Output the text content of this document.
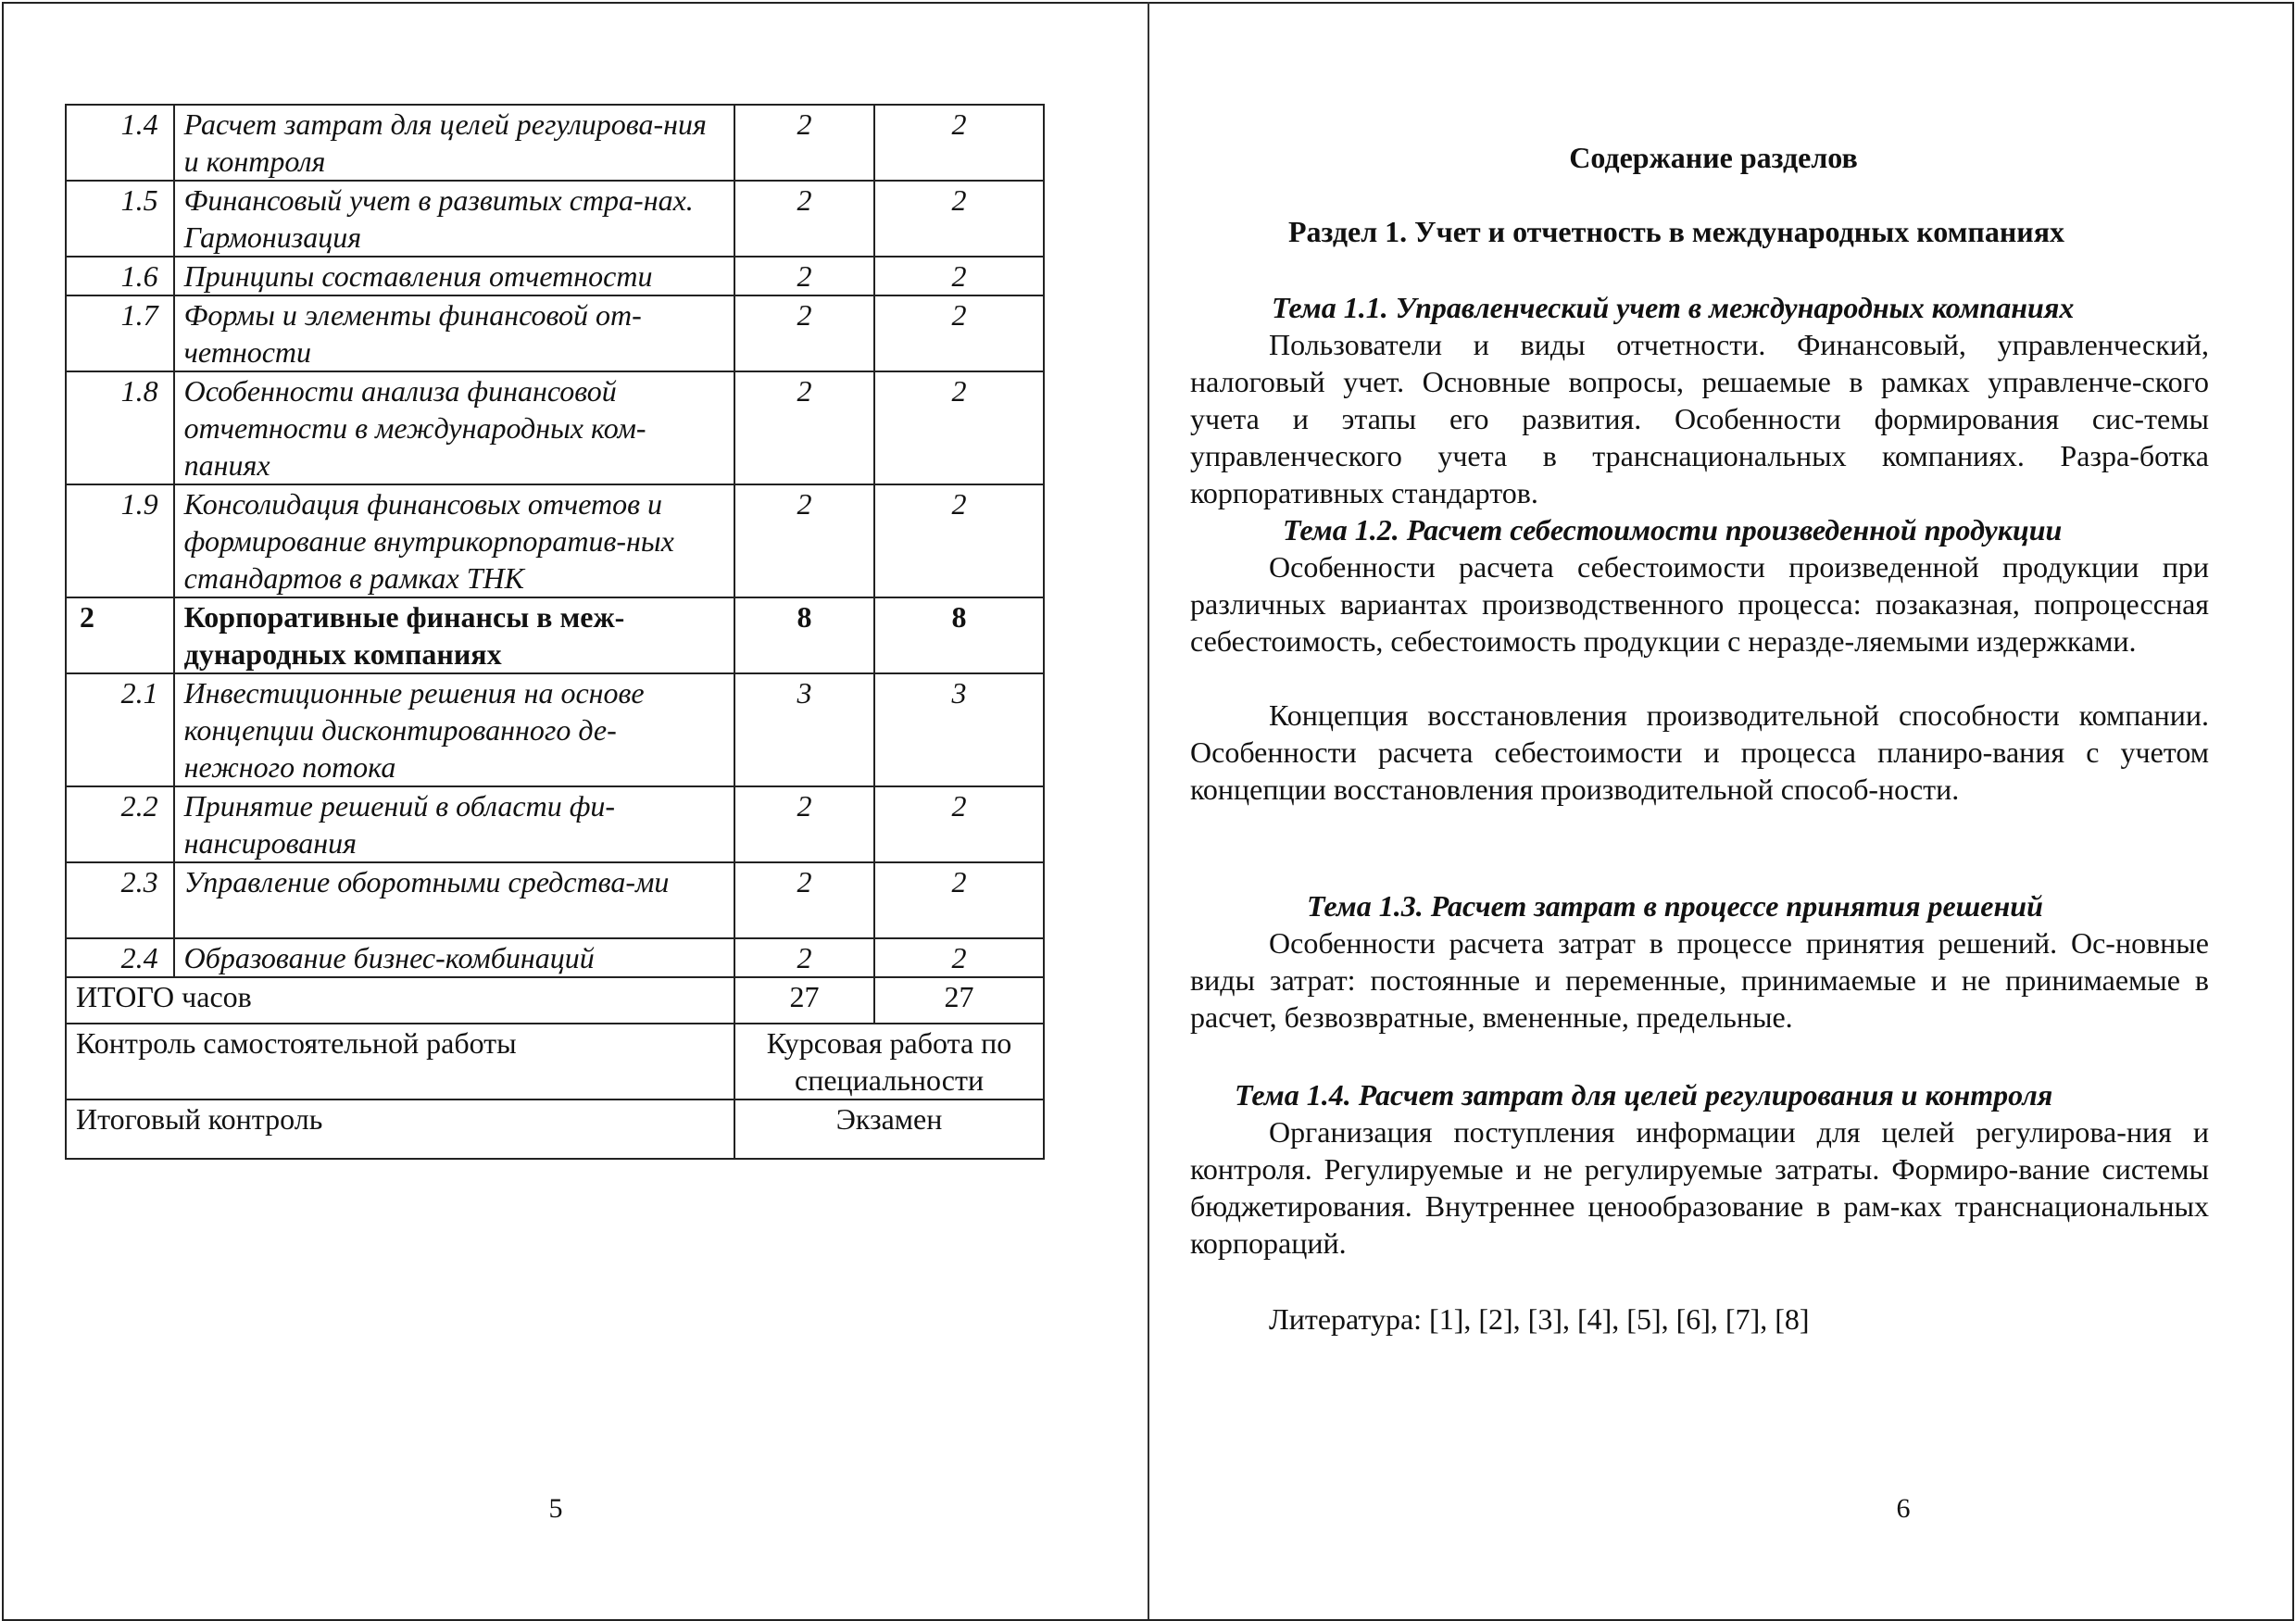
1.4	Расчет затрат для целей регулирова-ния и контроля	2	2
1.5	Финансовый учет в развитых стра-нах. Гармонизация	2	2
1.6	Принципы составления отчетности	2	2
1.7	Формы и элементы финансовой от-четности	2	2
1.8	Особенности анализа финансовой отчетности в международных ком-паниях	2	2
1.9	Консолидация финансовых отчетов и формирование внутрикорпоратив-ных стандартов в рамках ТНК	2	2
2	Корпоративные финансы в меж-дународных компаниях	8	8
2.1	Инвестиционные решения на основе концепции дисконтированного де-нежного потока	3	3
2.2	Принятие решений в области фи-нансирования	2	2
2.3	Управление оборотными средства-ми	2	2
2.4	Образование бизнес-комбинаций	2	2
ИТОГО часов		27	27
Контроль самостоятельной работы		Курсовая работа по специальности	
Итоговый контроль		Экзамен	
5
Содержание разделов
Раздел 1. Учет и отчетность в международных компаниях
Тема 1.1. Управленческий учет в международных компаниях
Пользователи и виды отчетности. Финансовый, управленческий, налоговый учет. Основные вопросы, решаемые в рамках управленче-ского учета и этапы его развития. Особенности формирования сис-темы управленческого учета в транснациональных компаниях. Разра-ботка корпоративных стандартов.
Тема 1.2. Расчет себестоимости произведенной продукции
Особенности расчета себестоимости произведенной продукции при различных вариантах производственного процесса: позаказная, попроцессная себестоимость, себестоимость продукции с нераздe-ляемыми издержками.
Концепция восстановления производительной способности компании. Особенности расчета себестоимости и процесса планиро-вания с учетом концепции восстановления производительной способ-ности.
Тема 1.3. Расчет затрат в процессе принятия решений
Особенности расчета затрат в процессе принятия решений. Ос-новные виды затрат: постоянные и переменные, принимаемые и не принимаемые в расчет, безвозвратные, вмененные, предельные.
Тема 1.4. Расчет затрат для целей регулирования и контроля
Организация поступления информации для целей регулирова-ния и контроля. Регулируемые и не регулируемые затраты. Формиро-вание системы бюджетирования. Внутреннее ценообразование в рам-ках транснациональных корпораций.
Литература: [1], [2], [3], [4], [5], [6], [7], [8]
6
